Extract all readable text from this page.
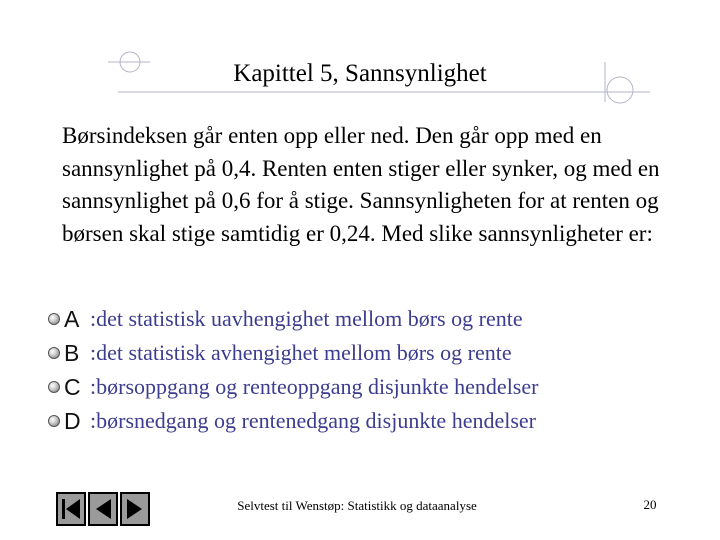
Kapittel 5, Sannsynlighet
Børsindeksen går enten opp eller ned. Den går opp med en sannsynlighet på 0,4. Renten enten stiger eller synker, og med en sannsynlighet på 0,6 for å stige. Sannsynligheten for at renten og børsen skal stige samtidig er 0,24. Med slike sannsynligheter er:
A :det statistisk uavhengighet mellom børs og rente
B :det statistisk avhengighet mellom børs og rente
C :børsoppgang og renteoppgang disjunkte hendelser
D :børsnedgang og rentenedgang disjunkte hendelser
Selvtest til Wenstøp: Statistikk og dataanalyse	20
